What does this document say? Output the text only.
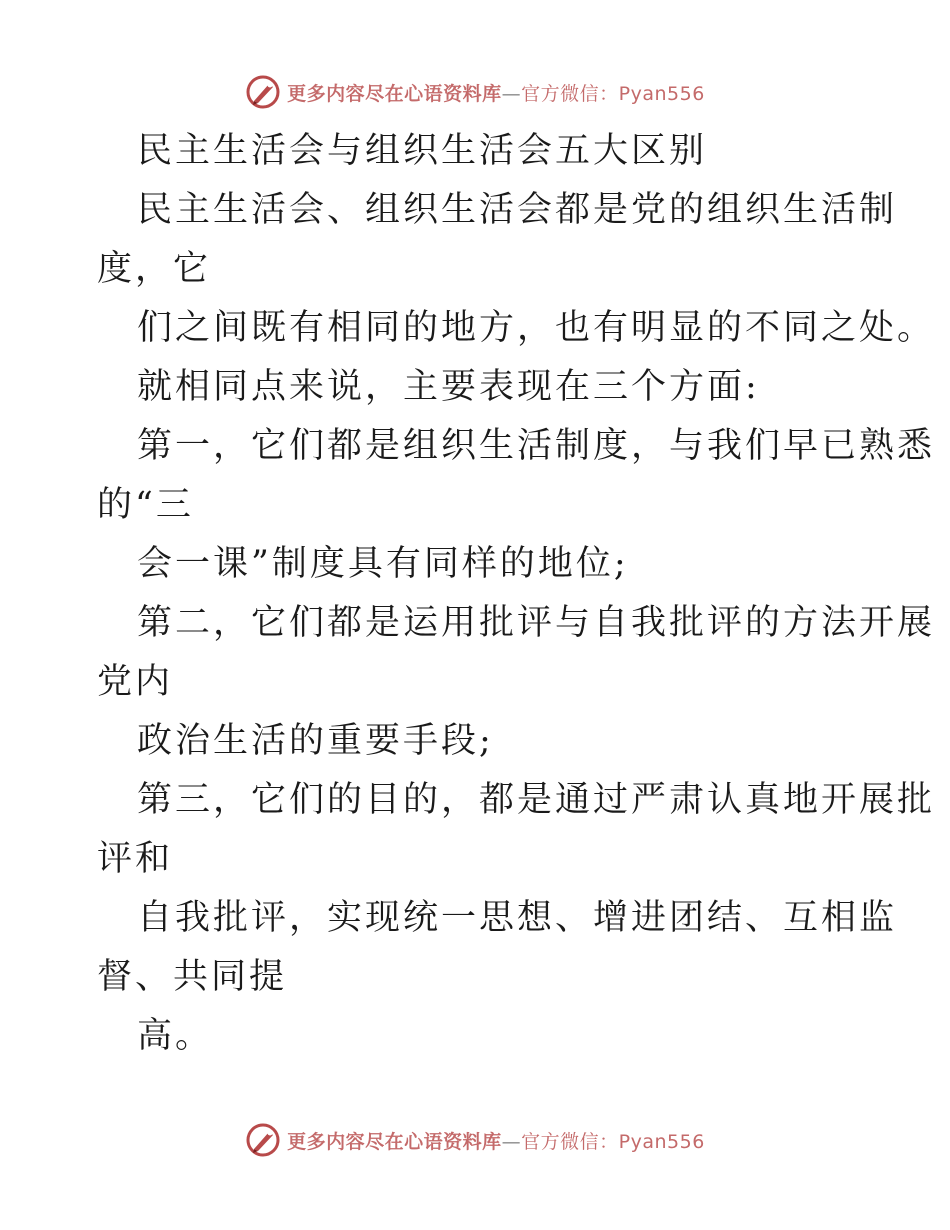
更多内容尽在心语资料库—官方微信：Pyan556
民主生活会与组织生活会五大区别
民主生活会、组织生活会都是党的组织生活制
度，它
们之间既有相同的地方，也有明显的不同之处。
就相同点来说，主要表现在三个方面:
第一，它们都是组织生活制度，与我们早已熟悉
的“三
会一课”制度具有同样的地位;
第二，它们都是运用批评与自我批评的方法开展
党内
政治生活的重要手段;
第三，它们的目的，都是通过严肃认真地开展批
评和
自我批评，实现统一思想、增进团结、互相监
督、共同提
高。
更多内容尽在心语资料库—官方微信：Pyan556
